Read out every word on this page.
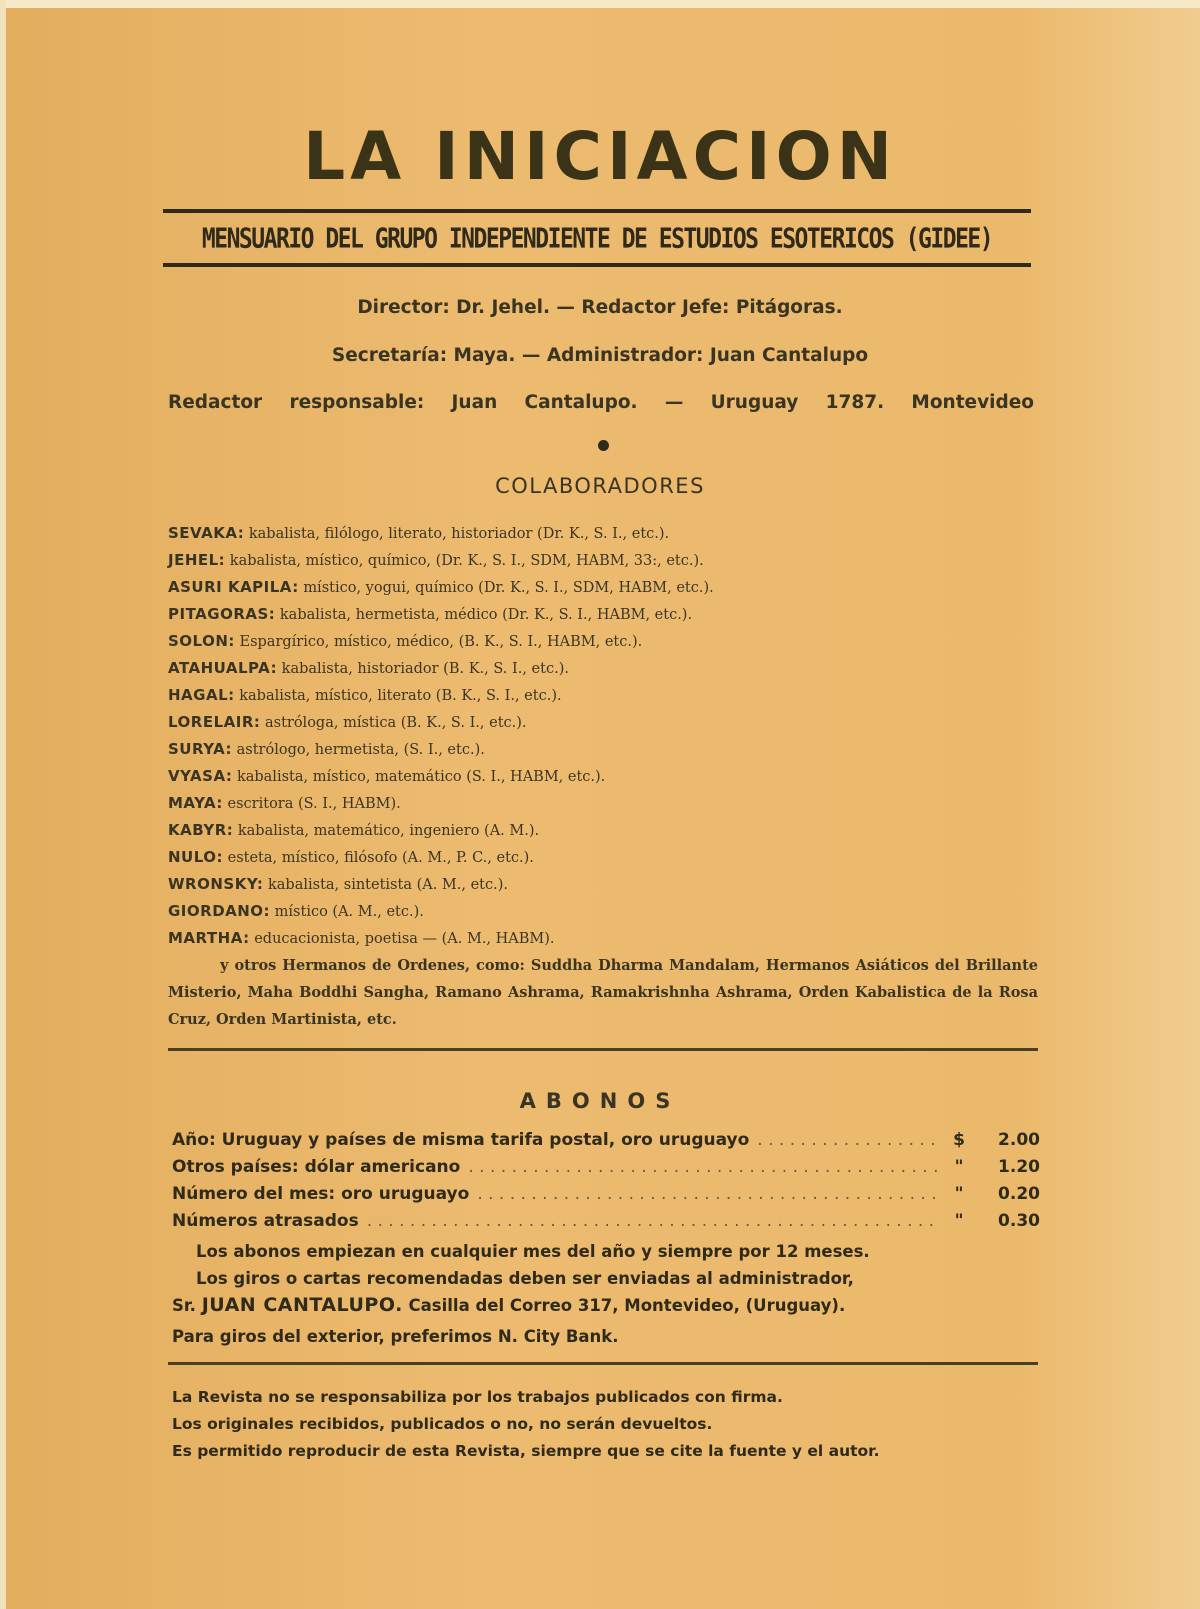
LA INICIACION
MENSUARIO DEL GRUPO INDEPENDIENTE DE ESTUDIOS ESOTERICOS (GIDEE)
Director: Dr. Jehel. — Redactor Jefe: Pitágoras.
Secretaría: Maya. — Administrador: Juan Cantalupo
Redactor responsable: Juan Cantalupo. — Uruguay 1787. Montevideo
COLABORADORES
SEVAKA: kabalista, filólogo, literato, historiador (Dr. K., S. I., etc.).
JEHEL: kabalista, místico, químico, (Dr. K., S. I., SDM, HABM, 33:, etc.).
ASURI KAPILA: místico, yogui, químico (Dr. K., S. I., SDM, HABM, etc.).
PITAGORAS: kabalista, hermetista, médico (Dr. K., S. I., HABM, etc.).
SOLON: Espargírico, místico, médico, (B. K., S. I., HABM, etc.).
ATAHUALPA: kabalista, historiador (B. K., S. I., etc.).
HAGAL: kabalista, místico, literato (B. K., S. I., etc.).
LORELAIR: astróloga, mística (B. K., S. I., etc.).
SURYA: astrólogo, hermetista, (S. I., etc.).
VYASA: kabalista, místico, matemático (S. I., HABM, etc.).
MAYA: escritora (S. I., HABM).
KABYR: kabalista, matemático, ingeniero (A. M.).
NULO: esteta, místico, filósofo (A. M., P. C., etc.).
WRONSKY: kabalista, sintetista (A. M., etc.).
GIORDANO: místico (A. M., etc.).
MARTHA: educacionista, poetisa — (A. M., HABM).

y otros Hermanos de Ordenes, como: Suddha Dharma Mandalam, Hermanos Asiáticos del Brillante Misterio, Maha Boddhi Sangha, Ramano Ashrama, Ramakrishnha Ashrama, Orden Kabalistica de la Rosa Cruz, Orden Martinista, etc.

ABONOS
Año: Uruguay y países de misma tarifa postal, oro uruguayo . . .	$	2.00
Otros países: dólar americano . . .	"	1.20
Número del mes: oro uruguayo . . .	"	0.20
Números atrasados . . .	"	0.30

Los abonos empiezan en cualquier mes del año y siempre por 12 meses.

Los giros o cartas recomendadas deben ser enviadas al administrador,

Sr. JUAN CANTALUPO. Casilla del Correo 317, Montevideo, (Uruguay).

Para giros del exterior, preferimos N. City Bank.

La Revista no se responsabiliza por los trabajos publicados con firma.

Los originales recibidos, publicados o no, no serán devueltos.

Es permitido reproducir de esta Revista, siempre que se cite la fuente y el autor.
